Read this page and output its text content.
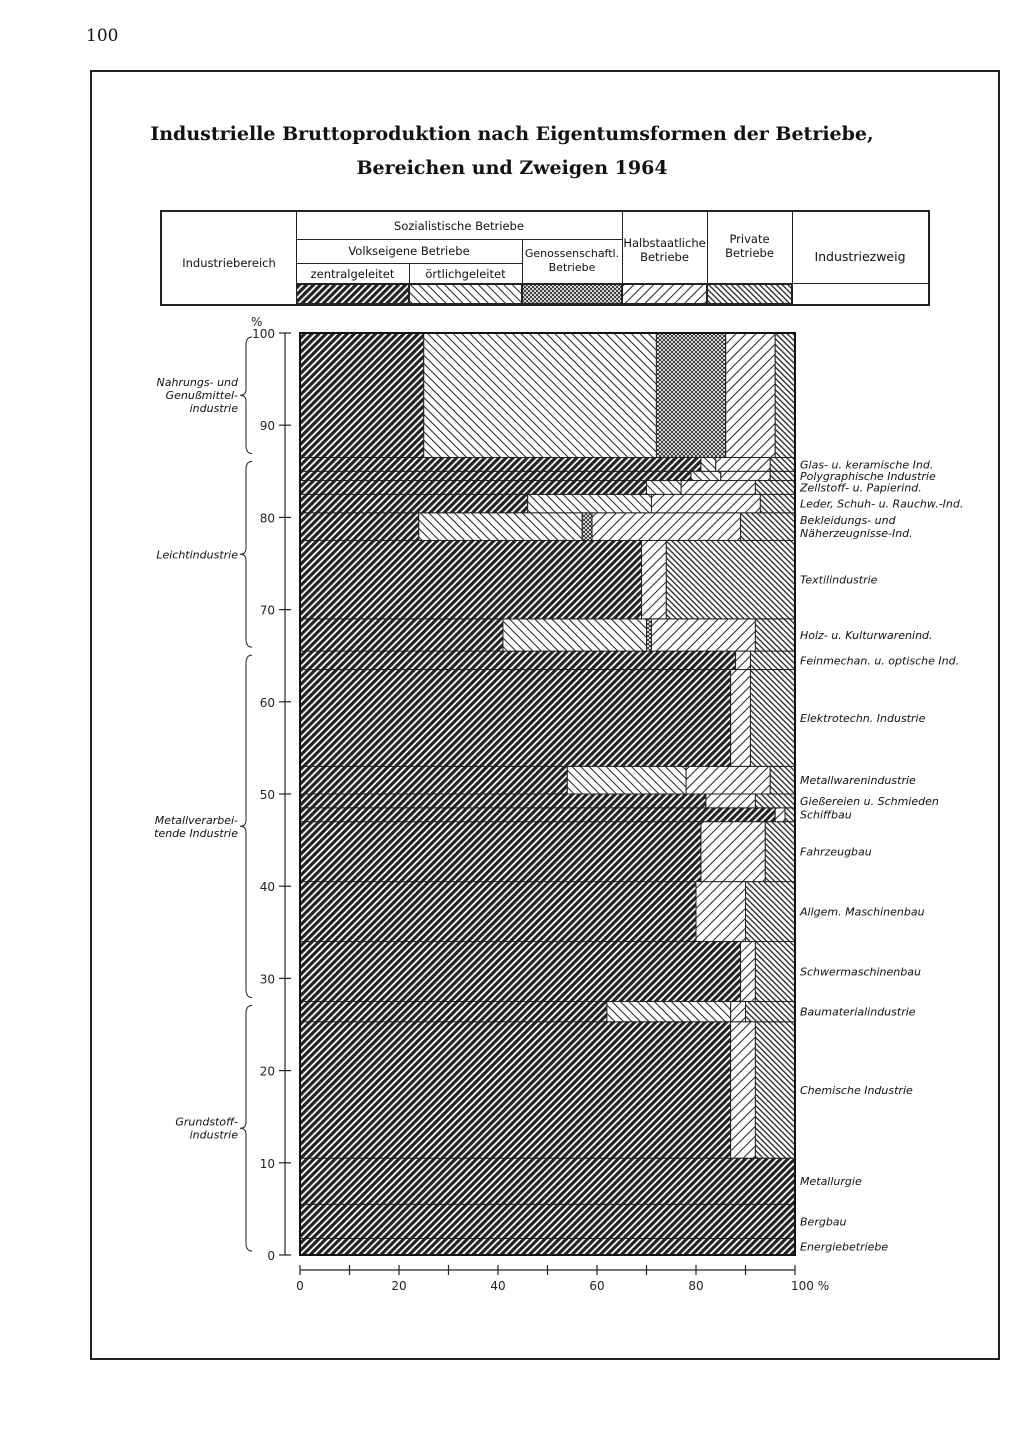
100
Industrielle Bruttoproduktion nach Eigentumsformen der Betriebe,
Bereichen und Zweigen 1964
Industriebereich
Sozialistische Betriebe
Volkseigene Betriebe
zentralgeleitet	örtlichgeleitet
Genossenschaftl.
Betriebe
Halbstaatliche
Betriebe
Private
Betriebe	Industriezweig
%
0
10
20
30
40
50
60
70
80
90
100
0	20	40	60	80	100 %
Energiebetriebe
Bergbau
Metallurgie
Chemische Industrie
Baumaterialindustrie
Schwermaschinenbau
Allgem. Maschinenbau
Fahrzeugbau
Schiffbau
Gießereien u. Schmieden
Metallwarenindustrie
Elektrotechn. Industrie
Feinmechan. u. optische Ind.
Holz- u. Kulturwarenind.
Textilindustrie
Bekleidungs- und Näherzeugnisse-Ind.
Leder, Schuh- u. Rauchw.-Ind.
Zellstoff- u. Papierind.
Polygraphische Industrie
Glas- u. keramische Ind.
Nahrungs- und Genußmittel-industrie
Leichtindustrie
Metallverarbei-tende Industrie
Grundstoff-industrie
